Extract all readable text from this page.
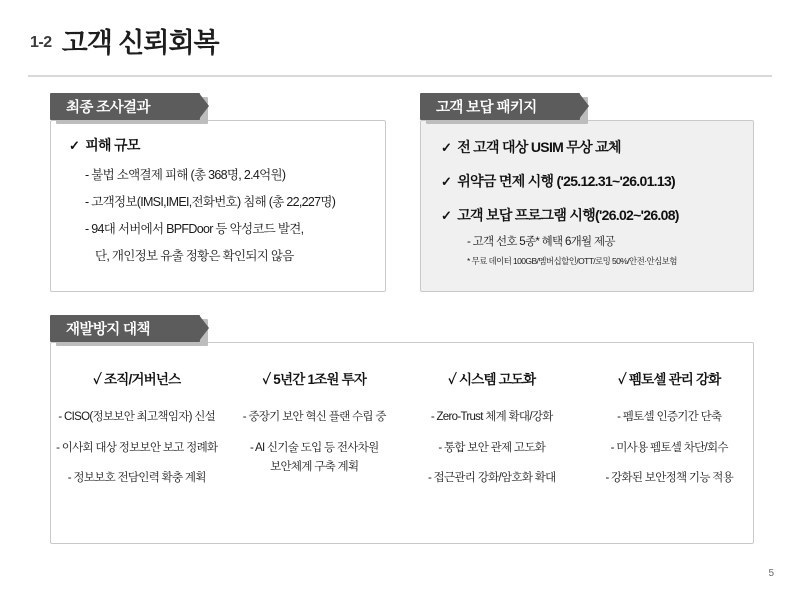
1-2 고객 신뢰회복
최종 조사결과
✓ 피해 규모
- 불법 소액결제 피해 (총 368명, 2.4억원)
- 고객정보(IMSI,IMEI,전화번호) 침해 (총 22,227명)
- 94대 서버에서 BPFDoor 등 악성코드 발견,
단, 개인정보 유출 정황은 확인되지 않음
고객 보답 패키지
✓ 전 고객 대상 USIM 무상 교체
✓ 위약금 면제 시행 ('25.12.31~'26.01.13)
✓ 고객 보답 프로그램 시행('26.02~'26.08)
- 고객 선호 5종* 혜택 6개월 제공
* 무료 데이터 100GB/멤버십할인/OTT/로밍 50%/안전·안심보험
재발방지 대책
✓ 조직/거버넌스
- CISO(정보보안 최고책임자) 신설
- 이사회 대상 정보보안 보고 정례화
- 정보보호 전담인력 확충 계획
✓ 5년간 1조원 투자
- 중장기 보안 혁신 플랜 수립 중
- AI 신기술 도입 등 전사차원
보안체계 구축 계획
✓ 시스템 고도화
- Zero-Trust 체계 확대/강화
- 통합 보안 관제 고도화
- 접근관리 강화/암호화 확대
✓ 펨토셀 관리 강화
- 펨토셀 인증기간 단축
- 미사용 펨토셀 차단/회수
- 강화된 보안정책 기능 적용
5
